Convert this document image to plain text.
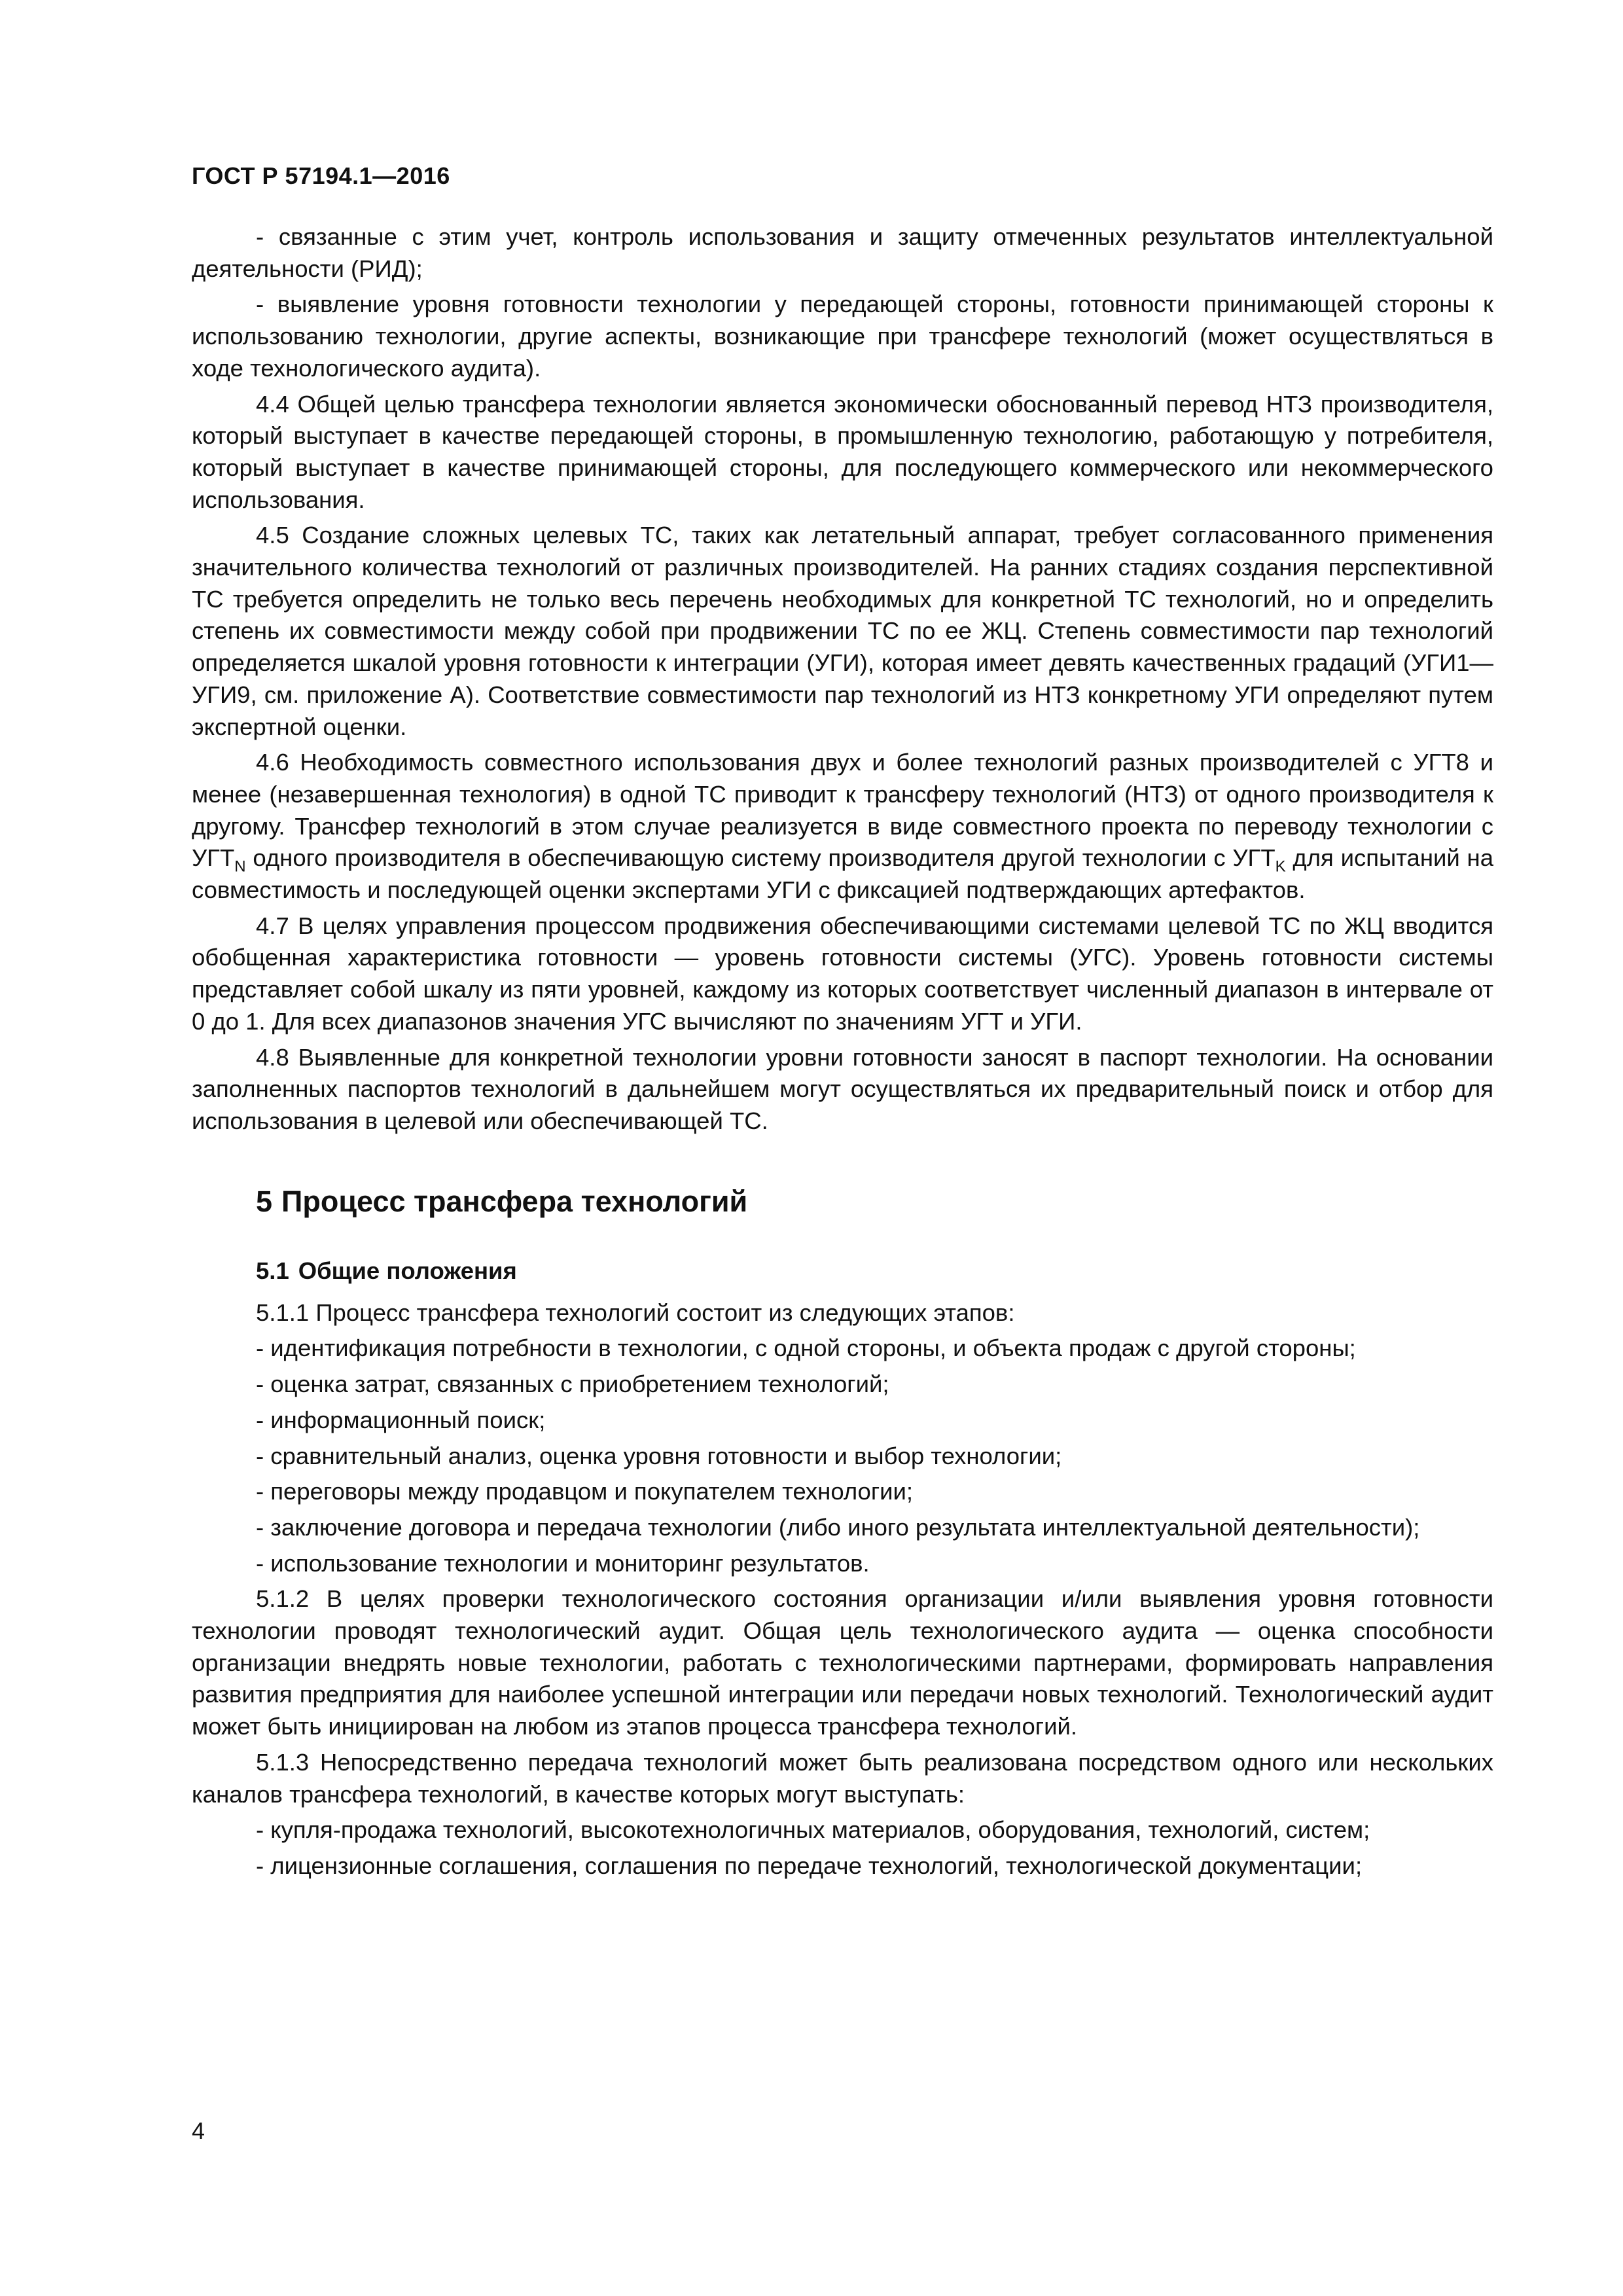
ГОСТ Р 57194.1—2016

- связанные с этим учет, контроль использования и защиту отмеченных результатов интеллектуальной деятельности (РИД);

- выявление уровня готовности технологии у передающей стороны, готовности принимающей стороны к использованию технологии, другие аспекты, возникающие при трансфере технологий (может осуществляться в ходе технологического аудита).

4.4 Общей целью трансфера технологии является экономически обоснованный перевод НТЗ производителя, который выступает в качестве передающей стороны, в промышленную технологию, работающую у потребителя, который выступает в качестве принимающей стороны, для последующего коммерческого или некоммерческого использования.

4.5 Создание сложных целевых ТС, таких как летательный аппарат, требует согласованного применения значительного количества технологий от различных производителей. На ранних стадиях создания перспективной ТС требуется определить не только весь перечень необходимых для конкретной ТС технологий, но и определить степень их совместимости между собой при продвижении ТС по ее ЖЦ. Степень совместимости пар технологий определяется шкалой уровня готовности к интеграции (УГИ), которая имеет девять качественных градаций (УГИ1—УГИ9, см. приложение А). Соответствие совместимости пар технологий из НТЗ конкретному УГИ определяют путем экспертной оценки.

4.6 Необходимость совместного использования двух и более технологий разных производителей с УГТ8 и менее (незавершенная технология) в одной ТС приводит к трансферу технологий (НТЗ) от одного производителя к другому. Трансфер технологий в этом случае реализуется в виде совместного проекта по переводу технологии с $УГТ_N$ одного производителя в обеспечивающую систему производителя другой технологии с $УГТ_K$ для испытаний на совместимость и последующей оценки экспертами УГИ с фиксацией подтверждающих артефактов.

4.7 В целях управления процессом продвижения обеспечивающими системами целевой ТС по ЖЦ вводится обобщенная характеристика готовности — уровень готовности системы (УГС). Уровень готовности системы представляет собой шкалу из пяти уровней, каждому из которых соответствует численный диапазон в интервале от 0 до 1. Для всех диапазонов значения УГС вычисляют по значениям УГТ и УГИ.

4.8 Выявленные для конкретной технологии уровни готовности заносят в паспорт технологии. На основании заполненных паспортов технологий в дальнейшем могут осуществляться их предварительный поиск и отбор для использования в целевой или обеспечивающей ТС.

5 Процесс трансфера технологий
5.1 Общие положения

5.1.1 Процесс трансфера технологий состоит из следующих этапов:

- идентификация потребности в технологии, с одной стороны, и объекта продаж с другой стороны;

- оценка затрат, связанных с приобретением технологий;

- информационный поиск;

- сравнительный анализ, оценка уровня готовности и выбор технологии;

- переговоры между продавцом и покупателем технологии;

- заключение договора и передача технологии (либо иного результата интеллектуальной деятельности);

- использование технологии и мониторинг результатов.

5.1.2 В целях проверки технологического состояния организации и/или выявления уровня готовности технологии проводят технологический аудит. Общая цель технологического аудита — оценка способности организации внедрять новые технологии, работать с технологическими партнерами, формировать направления развития предприятия для наиболее успешной интеграции или передачи новых технологий. Технологический аудит может быть инициирован на любом из этапов процесса трансфера технологий.

5.1.3 Непосредственно передача технологий может быть реализована посредством одного или нескольких каналов трансфера технологий, в качестве которых могут выступать:

- купля-продажа технологий, высокотехнологичных материалов, оборудования, технологий, систем;

- лицензионные соглашения, соглашения по передаче технологий, технологической документации;

4
